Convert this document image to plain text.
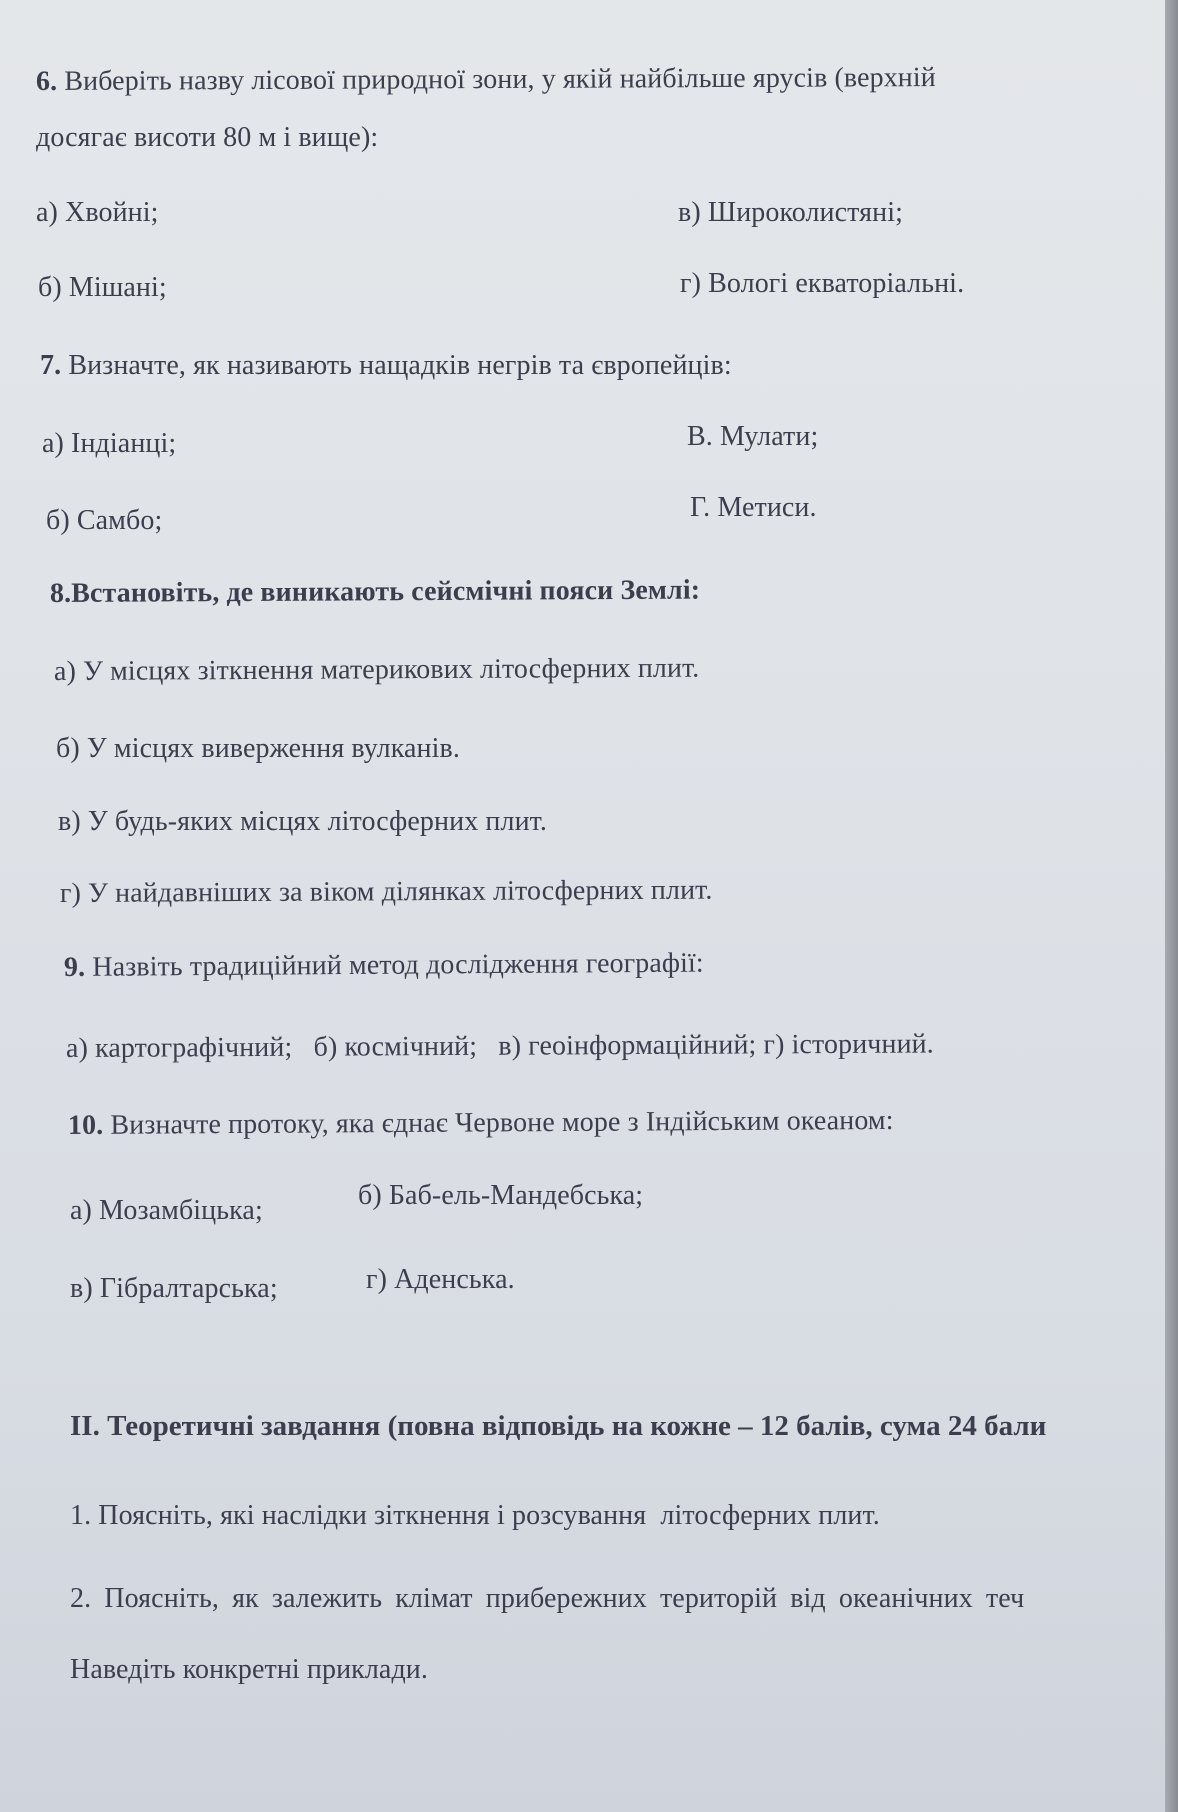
6. Виберіть назву лісової природної зони, у якій найбільше ярусів (верхній
досягає висоти 80 м і вище):
а) Хвойні;	в) Широколистяні;
б) Мішані;	г) Вологі екваторіальні.
7. Визначте, як називають нащадків негрів та європейців:
а) Індіанці;	В. Мулати;
б) Самбо;	Г. Метиси.
8.Встановіть, де виникають сейсмічні пояси Землі:
а) У місцях зіткнення материкових літосферних плит.
б) У місцях виверження вулканів.
в) У будь-яких місцях літосферних плит.
г) У найдавніших за віком ділянках літосферних плит.
9. Назвіть традиційний метод дослідження географії:
а) картографічний;   б) космічний;   в) геоінформаційний; г) історичний.
10. Визначте протоку, яка єднає Червоне море з Індійським океаном:
а) Мозамбіцька;	б) Баб-ель-Мандебська;
в) Гібралтарська;	г) Аденська.
ІІ. Теоретичні завдання (повна відповідь на кожне – 12 балів, сума 24 бали
1. Поясніть, які наслідки зіткнення і розсування  літосферних плит.
2. Поясніть, як залежить клімат прибережних територій від океанічних теч
Наведіть конкретні приклади.
